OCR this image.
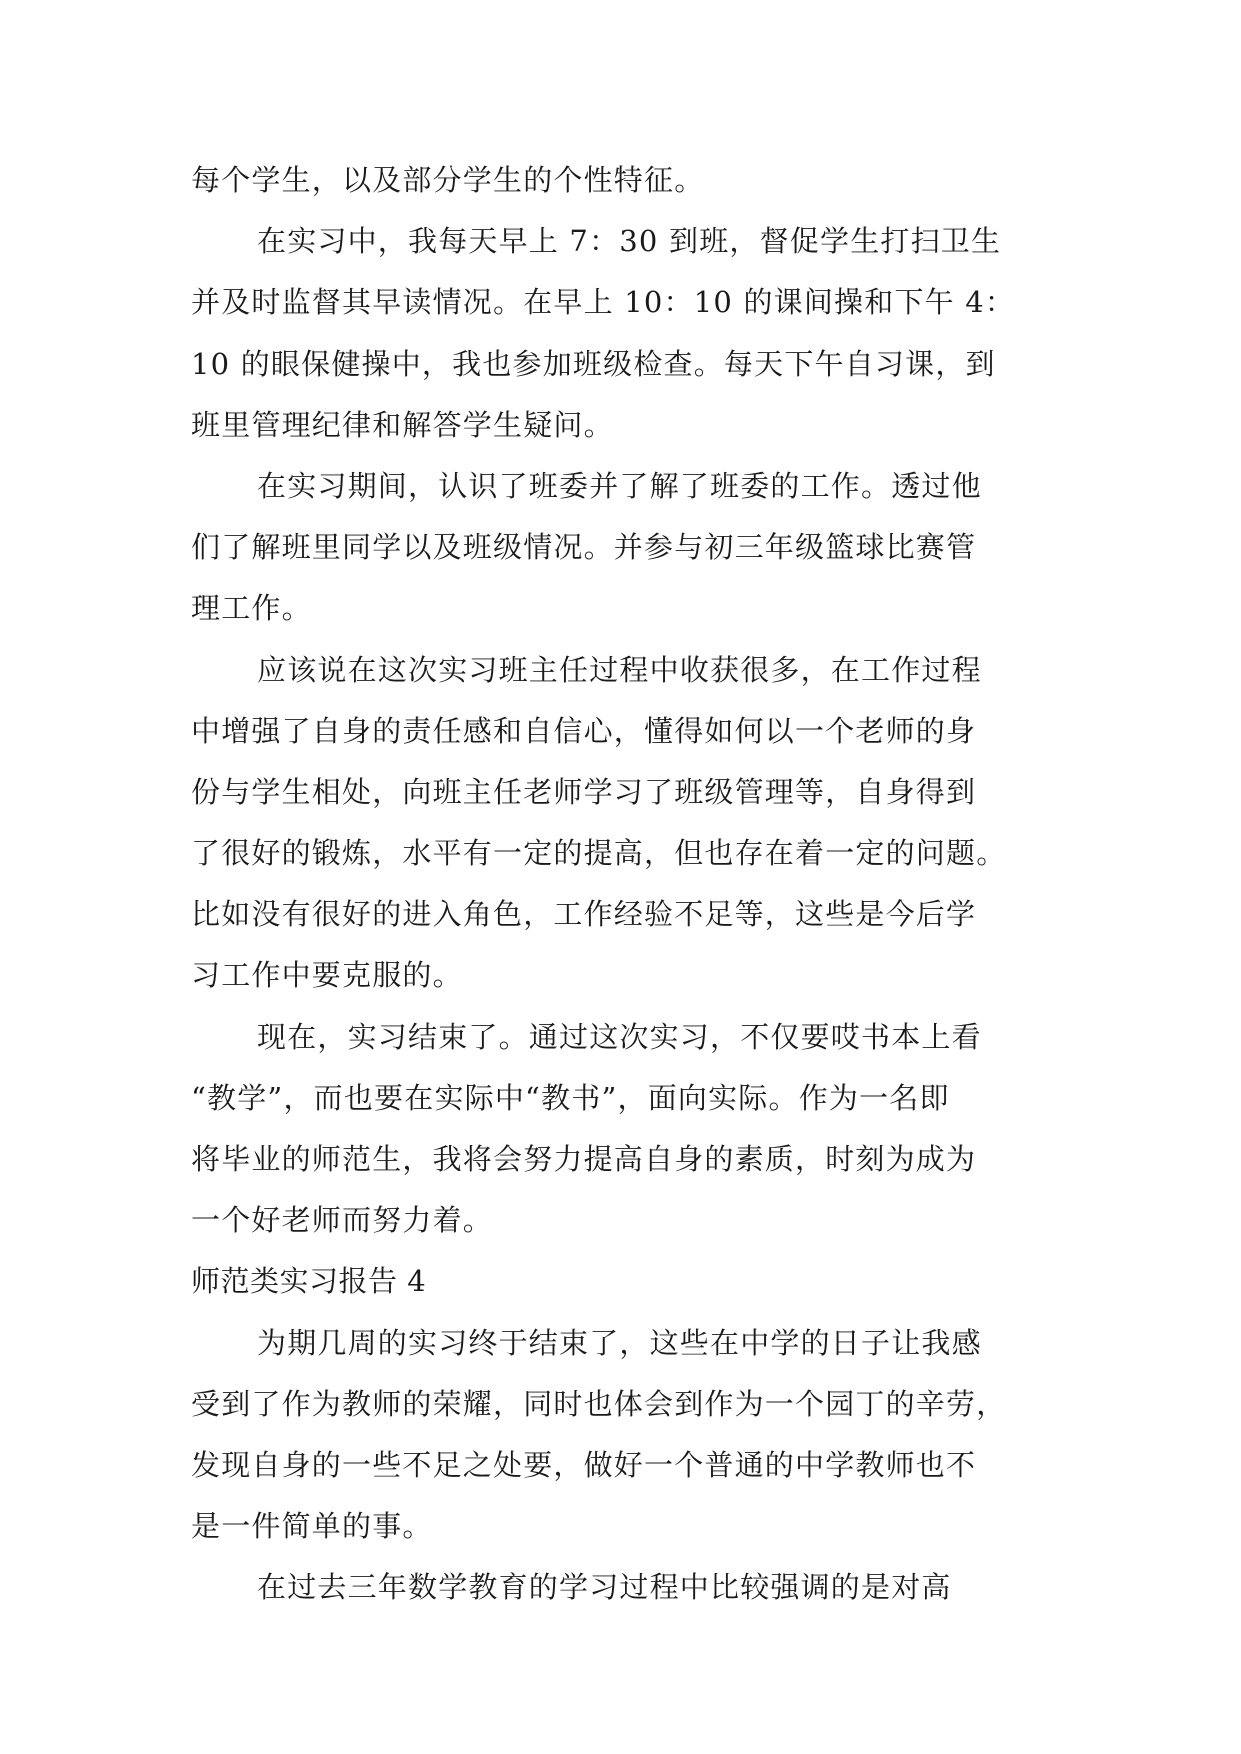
每个学生，以及部分学生的个性特征。
在实习中，我每天早上 7：30 到班，督促学生打扫卫生
并及时监督其早读情况。在早上 10：10 的课间操和下午 4：
10 的眼保健操中，我也参加班级检查。每天下午自习课，到
班里管理纪律和解答学生疑问。
在实习期间，认识了班委并了解了班委的工作。透过他
们了解班里同学以及班级情况。并参与初三年级篮球比赛管
理工作。
应该说在这次实习班主任过程中收获很多，在工作过程
中增强了自身的责任感和自信心，懂得如何以一个老师的身
份与学生相处，向班主任老师学习了班级管理等，自身得到
了很好的锻炼，水平有一定的提高，但也存在着一定的问题。
比如没有很好的进入角色，工作经验不足等，这些是今后学
习工作中要克服的。
现在，实习结束了。通过这次实习，不仅要哎书本上看
“教学”，而也要在实际中“教书”，面向实际。作为一名即
将毕业的师范生，我将会努力提高自身的素质，时刻为成为
一个好老师而努力着。
师范类实习报告 4
为期几周的实习终于结束了，这些在中学的日子让我感
受到了作为教师的荣耀，同时也体会到作为一个园丁的辛劳，
发现自身的一些不足之处要，做好一个普通的中学教师也不
是一件简单的事。
在过去三年数学教育的学习过程中比较强调的是对高
